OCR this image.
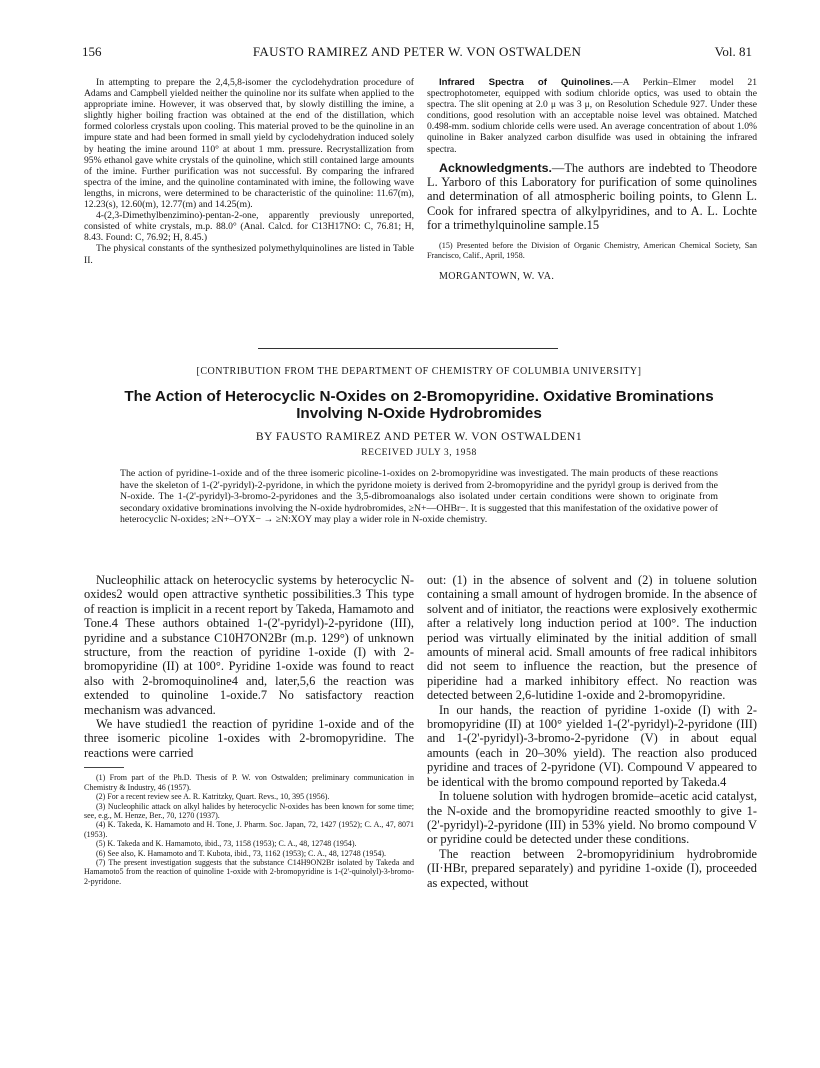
156	FAUSTO RAMIREZ AND PETER W. VON OSTWALDEN	Vol. 81

In attempting to prepare the 2,4,5,8-isomer the cyclodehydration procedure of Adams and Campbell yielded neither the quinoline nor its sulfate when applied to the appropriate imine. However, it was observed that, by slowly distilling the imine, a slightly higher boiling fraction was obtained at the end of the distillation, which formed colorless crystals upon cooling. This material proved to be the quinoline in an impure state and had been formed in small yield by cyclodehydration induced solely by heating the imine around 110° at about 1 mm. pressure. Recrystallization from 95% ethanol gave white crystals of the quinoline, which still contained large amounts of the imine. Further purification was not successful. By comparing the infrared spectra of the imine, and the quinoline contaminated with imine, the following wave lengths, in microns, were determined to be characteristic of the quinoline: 11.67(m), 12.23(s), 12.60(m), 12.77(m) and 14.25(m).

4-(2,3-Dimethylbenzimino)-pentan-2-one, apparently previously unreported, consisted of white crystals, m.p. 88.0° (Anal. Calcd. for C13H17NO: C, 76.81; H, 8.43. Found: C, 76.92; H, 8.45.)

The physical constants of the synthesized polymethylquinolines are listed in Table II.

Infrared Spectra of Quinolines.—A Perkin–Elmer model 21 spectrophotometer, equipped with sodium chloride optics, was used to obtain the spectra. The slit opening at 2.0 μ was 3 μ, on Resolution Schedule 927. Under these conditions, good resolution with an acceptable noise level was obtained. Matched 0.498-mm. sodium chloride cells were used. An average concentration of about 1.0% quinoline in Baker analyzed carbon disulfide was used in obtaining the infrared spectra.

Acknowledgments.—The authors are indebted to Theodore L. Yarboro of this Laboratory for purification of some quinolines and determination of all atmospheric boiling points, to Glenn L. Cook for infrared spectra of alkylpyridines, and to A. L. Lochte for a trimethylquinoline sample.15

(15) Presented before the Division of Organic Chemistry, American Chemical Society, San Francisco, Calif., April, 1958.

MORGANTOWN, W. VA.

[CONTRIBUTION FROM THE DEPARTMENT OF CHEMISTRY OF COLUMBIA UNIVERSITY]
The Action of Heterocyclic N-Oxides on 2-Bromopyridine. Oxidative Brominations
Involving N-Oxide Hydrobromides
BY FAUSTO RAMIREZ AND PETER W. VON OSTWALDEN1
RECEIVED JULY 3, 1958

The action of pyridine-1-oxide and of the three isomeric picoline-1-oxides on 2-bromopyridine was investigated. The main products of these reactions have the skeleton of 1-(2'-pyridyl)-2-pyridone, in which the pyridone moiety is derived from 2-bromopyridine and the pyridyl group is derived from the N-oxide. The 1-(2'-pyridyl)-3-bromo-2-pyridones and the 3,5-dibromoanalogs also isolated under certain conditions were shown to originate from secondary oxidative brominations involving the N-oxide hydrobromides, ≥N+—OHBr−. It is suggested that this manifestation of the oxidative power of heterocyclic N-oxides; ≥N+–OYX− → ≥N:XOY may play a wider role in N-oxide chemistry.

Nucleophilic attack on heterocyclic systems by heterocyclic N-oxides2 would open attractive synthetic possibilities.3 This type of reaction is implicit in a recent report by Takeda, Hamamoto and Tone.4 These authors obtained 1-(2'-pyridyl)-2-pyridone (III), pyridine and a substance C10H7ON2Br (m.p. 129°) of unknown structure, from the reaction of pyridine 1-oxide (I) with 2-bromopyridine (II) at 100°. Pyridine 1-oxide was found to react also with 2-bromoquinoline4 and, later,5,6 the reaction was extended to quinoline 1-oxide.7 No satisfactory reaction mechanism was advanced.

We have studied1 the reaction of pyridine 1-oxide and of the three isomeric picoline 1-oxides with 2-bromopyridine. The reactions were carried

(1) From part of the Ph.D. Thesis of P. W. von Ostwalden; preliminary communication in Chemistry & Industry, 46 (1957).

(2) For a recent review see A. R. Katritzky, Quart. Revs., 10, 395 (1956).

(3) Nucleophilic attack on alkyl halides by heterocyclic N-oxides has been known for some time; see, e.g., M. Henze, Ber., 70, 1270 (1937).

(4) K. Takeda, K. Hamamoto and H. Tone, J. Pharm. Soc. Japan, 72, 1427 (1952); C. A., 47, 8071 (1953).

(5) K. Takeda and K. Hamamoto, ibid., 73, 1158 (1953); C. A., 48, 12748 (1954).

(6) See also, K. Hamamoto and T. Kubota, ibid., 73, 1162 (1953); C. A., 48, 12748 (1954).

(7) The present investigation suggests that the substance C14H9ON2Br isolated by Takeda and Hamamoto5 from the reaction of quinoline 1-oxide with 2-bromopyridine is 1-(2'-quinolyl)-3-bromo-2-pyridone.

out: (1) in the absence of solvent and (2) in toluene solution containing a small amount of hydrogen bromide. In the absence of solvent and of initiator, the reactions were explosively exothermic after a relatively long induction period at 100°. The induction period was virtually eliminated by the initial addition of small amounts of mineral acid. Small amounts of free radical inhibitors did not seem to influence the reaction, but the presence of piperidine had a marked inhibitory effect. No reaction was detected between 2,6-lutidine 1-oxide and 2-bromopyridine.

In our hands, the reaction of pyridine 1-oxide (I) with 2-bromopyridine (II) at 100° yielded 1-(2'-pyridyl)-2-pyridone (III) and 1-(2'-pyridyl)-3-bromo-2-pyridone (V) in about equal amounts (each in 20–30% yield). The reaction also produced pyridine and traces of 2-pyridone (VI). Compound V appeared to be identical with the bromo compound reported by Takeda.4

In toluene solution with hydrogen bromide–acetic acid catalyst, the N-oxide and the bromopyridine reacted smoothly to give 1-(2'-pyridyl)-2-pyridone (III) in 53% yield. No bromo compound V or pyridine could be detected under these conditions.

The reaction between 2-bromopyridinium hydrobromide (II·HBr, prepared separately) and pyridine 1-oxide (I), proceeded as expected, without
